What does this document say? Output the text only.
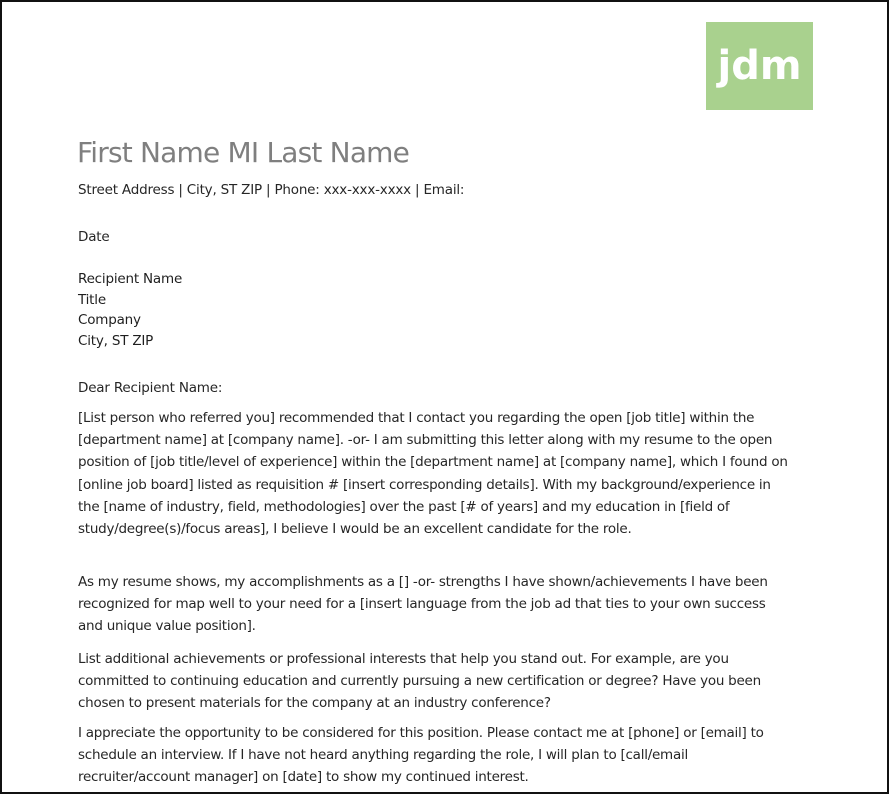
jdm
First Name MI Last Name
Street Address | City, ST ZIP | Phone: xxx-xxx-xxxx | Email:
Date
Recipient Name
Title
Company
City, ST ZIP
Dear Recipient Name:
[List person who referred you] recommended that I contact you regarding the open [job title] within the [department name] at [company name]. -or- I am submitting this letter along with my resume to the open position of [job title/level of experience] within the [department name] at [company name], which I found on [online job board] listed as requisition # [insert corresponding details]. With my background/experience in the [name of industry, field, methodologies] over the past [# of years] and my education in [field of study/degree(s)/focus areas], I believe I would be an excellent candidate for the role.
As my resume shows, my accomplishments as a [] -or- strengths I have shown/achievements I have been recognized for map well to your need for a [insert language from the job ad that ties to your own success and unique value position].
List additional achievements or professional interests that help you stand out. For example, are you committed to continuing education and currently pursuing a new certification or degree? Have you been chosen to present materials for the company at an industry conference?
I appreciate the opportunity to be considered for this position. Please contact me at [phone] or [email] to schedule an interview. If I have not heard anything regarding the role, I will plan to [call/email recruiter/account manager] on [date] to show my continued interest.
